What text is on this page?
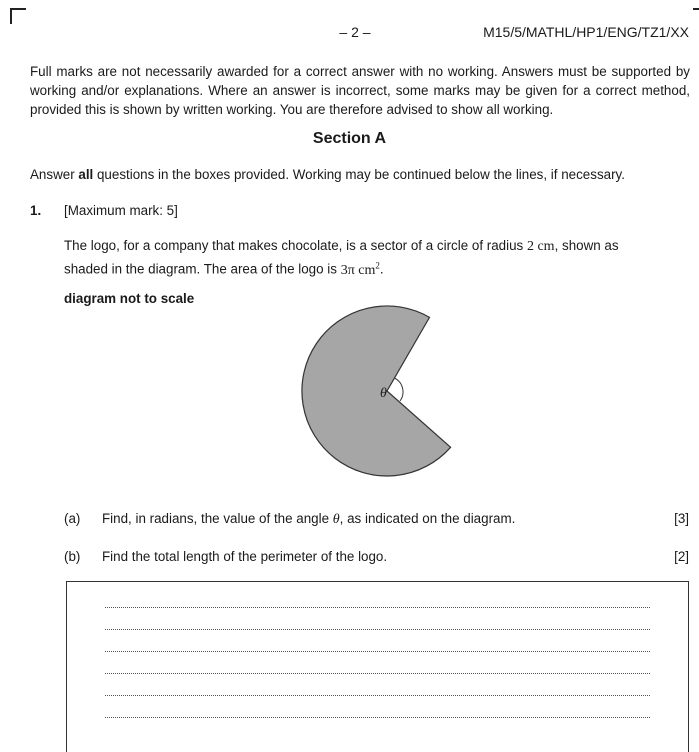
– 2 –	M15/5/MATHL/HP1/ENG/TZ1/XX
Full marks are not necessarily awarded for a correct answer with no working. Answers must be supported by working and/or explanations. Where an answer is incorrect, some marks may be given for a correct method, provided this is shown by written working. You are therefore advised to show all working.
Section A
Answer all questions in the boxes provided. Working may be continued below the lines, if necessary.
1. [Maximum mark: 5]
The logo, for a company that makes chocolate, is a sector of a circle of radius 2 cm, shown as shaded in the diagram. The area of the logo is 3π $cm^2$.
diagram not to scale
θ
(a) Find, in radians, the value of the angle θ, as indicated on the diagram.	[3]
(b) Find the total length of the perimeter of the logo.	[2]
